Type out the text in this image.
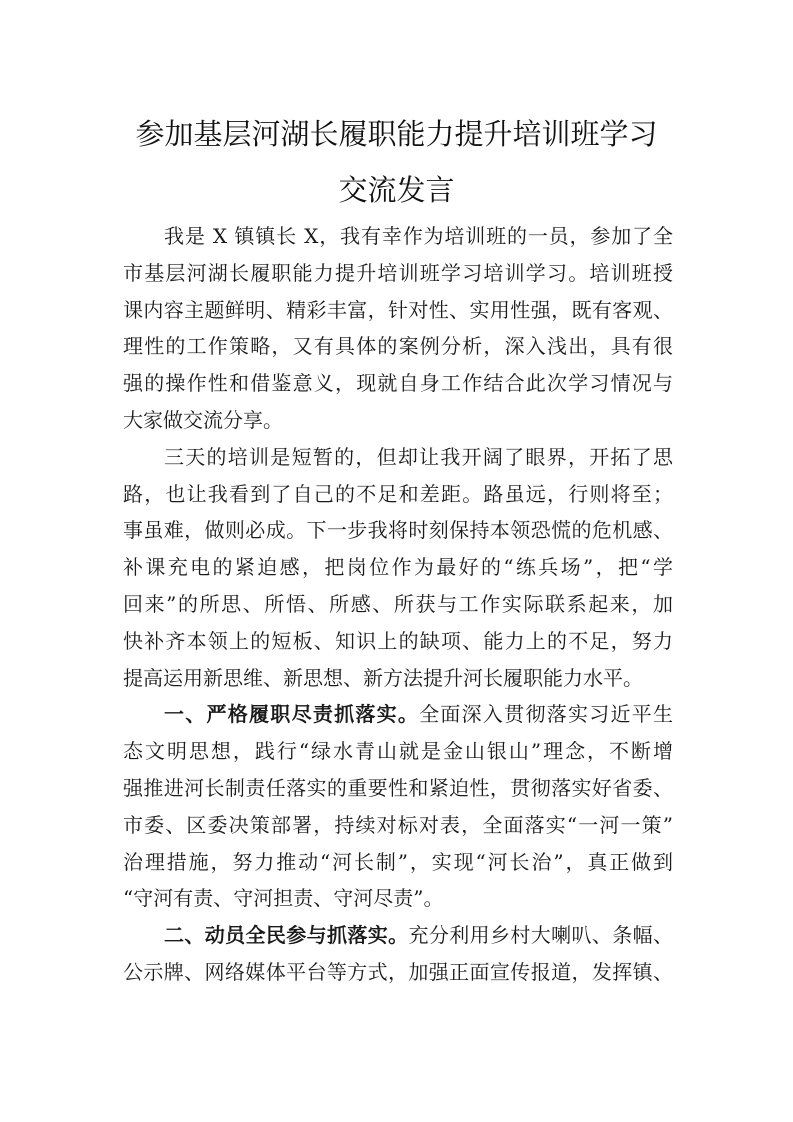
参加基层河湖长履职能力提升培训班学习
交流发言
我是 X 镇镇长 X，我有幸作为培训班的一员，参加了全
市基层河湖长履职能力提升培训班学习培训学习。培训班授
课内容主题鲜明、精彩丰富，针对性、实用性强，既有客观、
理性的工作策略，又有具体的案例分析，深入浅出，具有很
强的操作性和借鉴意义，现就自身工作结合此次学习情况与
大家做交流分享。
三天的培训是短暂的，但却让我开阔了眼界，开拓了思
路，也让我看到了自己的不足和差距。路虽远，行则将至；
事虽难，做则必成。下一步我将时刻保持本领恐慌的危机感、
补课充电的紧迫感，把岗位作为最好的“练兵场”，把“学
回来”的所思、所悟、所感、所获与工作实际联系起来，加
快补齐本领上的短板、知识上的缺项、能力上的不足，努力
提高运用新思维、新思想、新方法提升河长履职能力水平。
一、严格履职尽责抓落实。全面深入贯彻落实习近平生
态文明思想，践行“绿水青山就是金山银山”理念，不断增
强推进河长制责任落实的重要性和紧迫性，贯彻落实好省委、
市委、区委决策部署，持续对标对表，全面落实“一河一策”
治理措施，努力推动“河长制”，实现“河长治”，真正做到
“守河有责、守河担责、守河尽责”。
二、动员全民参与抓落实。充分利用乡村大喇叭、条幅、
公示牌、网络媒体平台等方式，加强正面宣传报道，发挥镇、
